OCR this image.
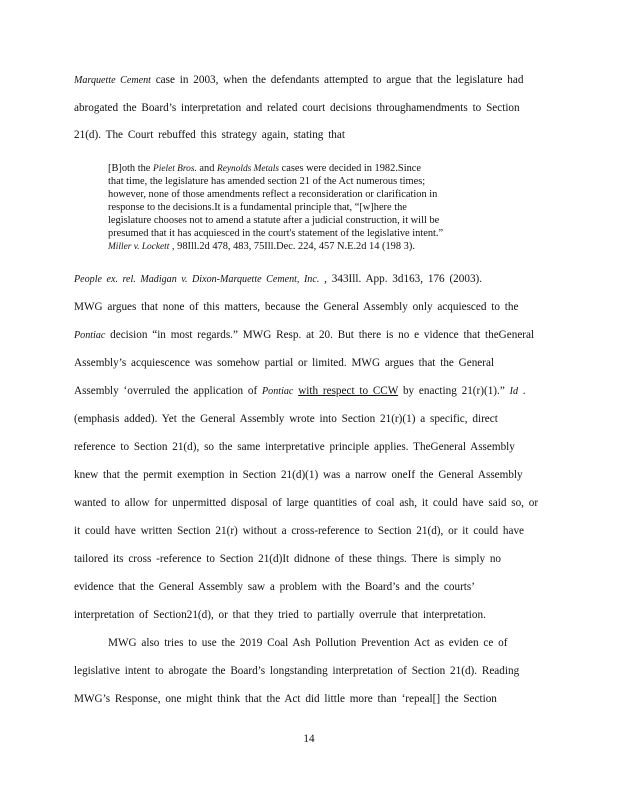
Marquette Cement case in 2003, when the defendants attempted to argue that the legislature had
abrogated the Board’s interpretation and related court decisions throughamendments to Section
21(d). The Court rebuffed this strategy again, stating that
[B]oth the Pielet Bros. and Reynolds Metals cases were decided in 1982.Since
that time, the legislature has amended section 21 of the Act numerous times;
however, none of those amendments reflect a reconsideration or clarification in
response to the decisions.It is a fundamental principle that, “[w]here the
legislature chooses not to amend a statute after a judicial construction, it will be
presumed that it has acquiesced in the court's statement of the legislative intent.”
Miller v. Lockett , 98Ill.2d 478, 483, 75Ill.Dec. 224, 457 N.E.2d 14 (198 3).
People ex. rel. Madigan v. Dixon-Marquette Cement, Inc. , 343Ill. App. 3d163, 176 (2003).
MWG argues that none of this matters, because the General Assembly only acquiesced to the
Pontiac decision “in most regards.” MWG Resp. at 20. But there is no e vidence that theGeneral
Assembly’s acquiescence was somehow partial or limited. MWG argues that the General
Assembly ‘overruled the application of Pontiac with respect to CCW by enacting 21(r)(1).” Id .
(emphasis added). Yet the General Assembly wrote into Section 21(r)(1) a specific, direct
reference to Section 21(d), so the same interpretative principle applies. TheGeneral Assembly
knew that the permit exemption in Section 21(d)(1) was a narrow oneIf the General Assembly
wanted to allow for unpermitted disposal of large quantities of coal ash, it could have said so, or
it could have written Section 21(r) without a cross-reference to Section 21(d), or it could have
tailored its cross -reference to Section 21(d)It didnone of these things. There is simply no
evidence that the General Assembly saw a problem with the Board’s and the courts’
interpretation of Section21(d), or that they tried to partially overrule that interpretation.
MWG also tries to use the 2019 Coal Ash Pollution Prevention Act as eviden ce of
legislative intent to abrogate the Board’s longstanding interpretation of Section 21(d). Reading
MWG’s Response, one might think that the Act did little more than ‘repeal[] the Section
14
